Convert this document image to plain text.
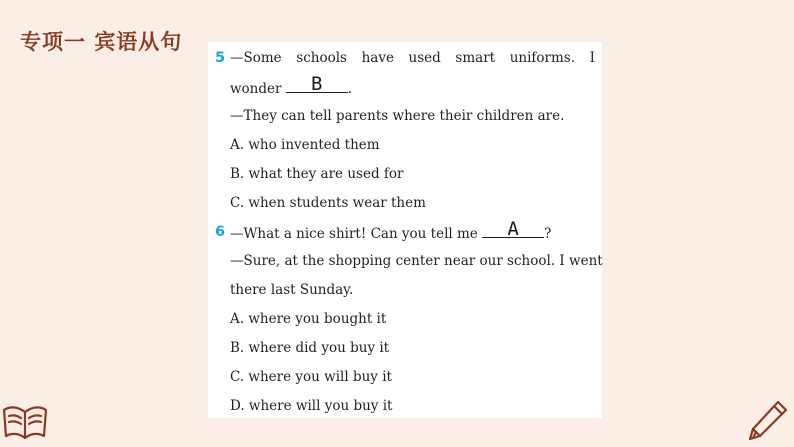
专项一 宾语从句
5 —Some schools have used smart uniforms. I
wonder B .
—They can tell parents where their children are.
A. who invented them
B. what they are used for
C. when students wear them
6 —What a nice shirt! Can you tell me A ?
—Sure, at the shopping center near our school. I went
there last Sunday.
A. where you bought it
B. where did you buy it
C. where you will buy it
D. where will you buy it
